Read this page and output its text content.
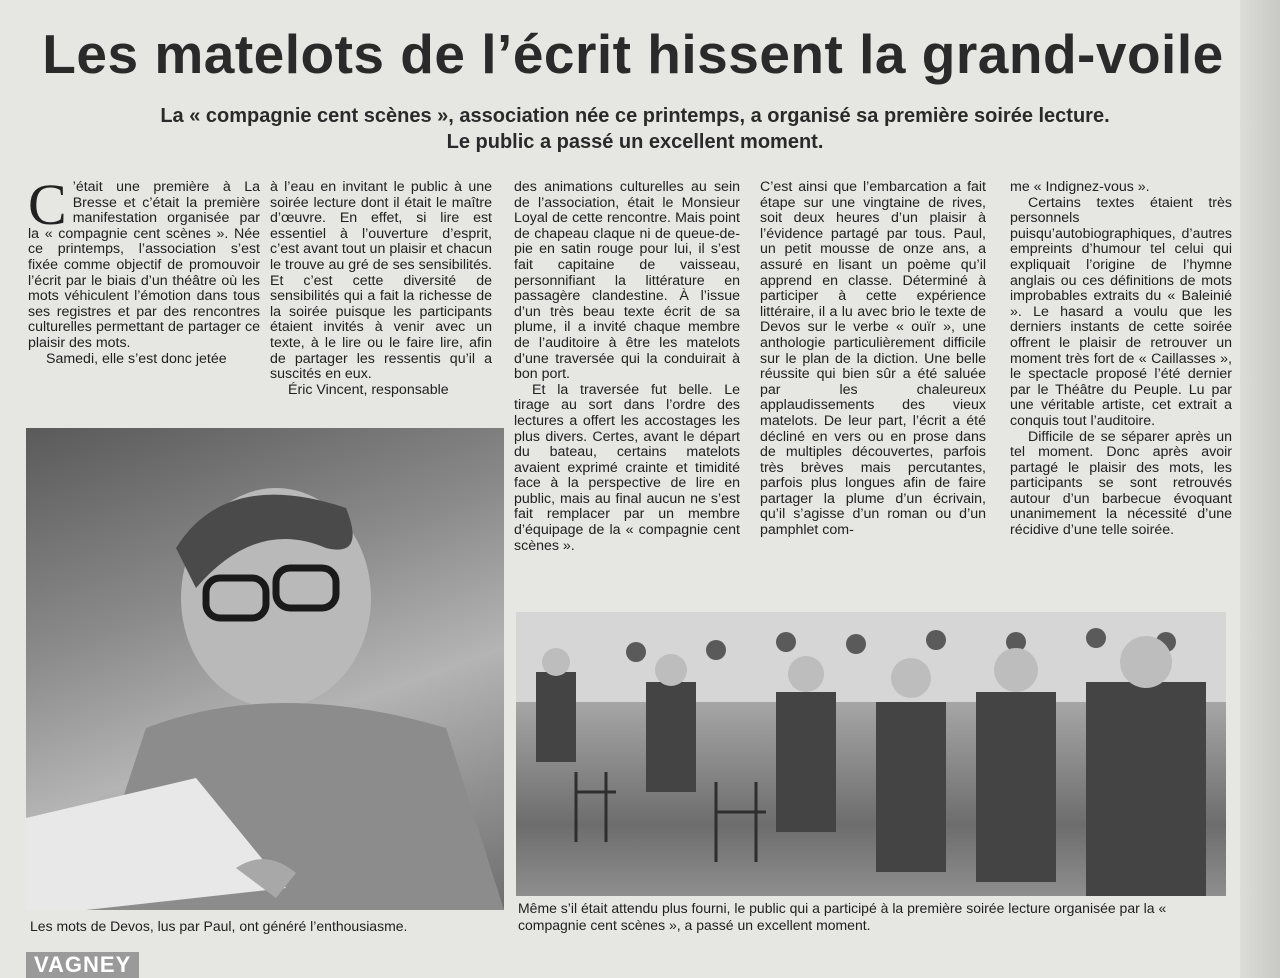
Les matelots de l’écrit hissent la grand-voile
La « compagnie cent scènes », association née ce printemps, a organisé sa première soirée lecture.
Le public a passé un excellent moment.

C ’était une première à La Bresse et c’était la première manifestation organisée par la « compagnie cent scènes ». Née ce printemps, l’association s’est fixée comme objectif de promouvoir l’écrit par le biais d’un théâtre où les mots véhiculent l’émotion dans tous ses registres et par des rencontres culturelles permettant de partager ce plaisir des mots.

Samedi, elle s’est donc jetée

à l’eau en invitant le public à une soirée lecture dont il était le maître d’œuvre. En effet, si lire est essentiel à l’ouverture d’esprit, c’est avant tout un plaisir et chacun le trouve au gré de ses sensibilités. Et c’est cette diversité de sensibilités qui a fait la richesse de la soirée puisque les participants étaient invités à venir avec un texte, à le lire ou le faire lire, afin de partager les ressentis qu’il a suscités en eux.

Éric Vincent, responsable

des animations culturelles au sein de l’association, était le Monsieur Loyal de cette rencontre. Mais point de chapeau claque ni de queue-de-pie en satin rouge pour lui, il s’est fait capitaine de vaisseau, personnifiant la littérature en passagère clandestine. À l’issue d’un très beau texte écrit de sa plume, il a invité chaque membre de l’auditoire à être les matelots d’une traversée qui la conduirait à bon port.

Et la traversée fut belle. Le tirage au sort dans l’ordre des lectures a offert les accostages les plus divers. Certes, avant le départ du bateau, certains matelots avaient exprimé crainte et timidité face à la perspective de lire en public, mais au final aucun ne s’est fait remplacer par un membre d’équipage de la « compagnie cent scènes ».

C’est ainsi que l’embarcation a fait étape sur une vingtaine de rives, soit deux heures d’un plaisir à l’évidence partagé par tous. Paul, un petit mousse de onze ans, a assuré en lisant un poème qu’il apprend en classe. Déterminé à participer à cette expérience littéraire, il a lu avec brio le texte de Devos sur le verbe « ouïr », une anthologie particulièrement difficile sur le plan de la diction. Une belle réussite qui bien sûr a été saluée par les chaleureux applaudissements des vieux matelots. De leur part, l’écrit a été décliné en vers ou en prose dans de multiples découvertes, parfois très brèves mais percutantes, parfois plus longues afin de faire partager la plume d’un écrivain, qu’il s’agisse d’un roman ou d’un pamphlet com-

me « Indignez-vous ».

Certains textes étaient très personnels puisqu’autobiographiques, d’autres empreints d’humour tel celui qui expliquait l’origine de l’hymne anglais ou ces définitions de mots improbables extraits du « Baleinié ». Le hasard a voulu que les derniers instants de cette soirée offrent le plaisir de retrouver un moment très fort de « Caillasses », le spectacle proposé l’été dernier par le Théâtre du Peuple. Lu par une véritable artiste, cet extrait a conquis tout l’auditoire.

Difficile de se séparer après un tel moment. Donc après avoir partagé le plaisir des mots, les participants se sont retrouvés autour d’un barbecue évoquant unanimement la nécessité d’une récidive d’une telle soirée.

Les mots de Devos, lus par Paul, ont généré l’enthousiasme.
Même s’il était attendu plus fourni, le public qui a participé à la première soirée lecture organisée par la « compagnie cent scènes », a passé un excellent moment.
VAGNEY
